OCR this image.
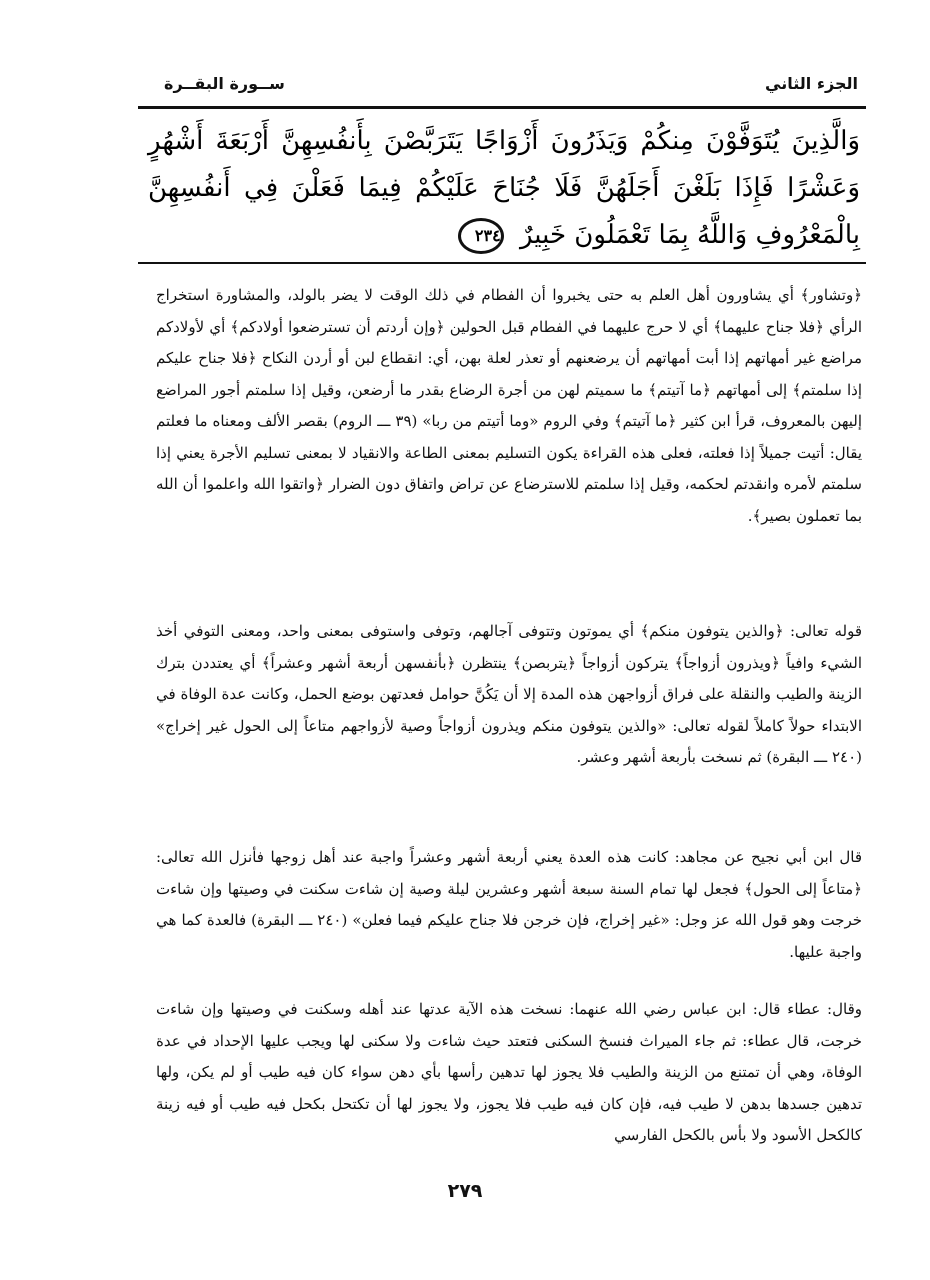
ســورة البقــرة	الجزء الثاني

وَالَّذِينَ يُتَوَفَّوْنَ مِنكُمْ وَيَذَرُونَ أَزْوَاجًا يَتَرَبَّصْنَ بِأَنفُسِهِنَّ أَرْبَعَةَ أَشْهُرٍ وَعَشْرًا فَإِذَا بَلَغْنَ أَجَلَهُنَّ فَلَا جُنَاحَ عَلَيْكُمْ فِيمَا فَعَلْنَ فِي أَنفُسِهِنَّ بِالْمَعْرُوفِ وَاللَّهُ بِمَا تَعْمَلُونَ خَبِيرٌ ٢٣٤

﴿وتشاور﴾ أي يشاورون أهل العلم به حتى يخبروا أن الفطام في ذلك الوقت لا يضر بالولد، والمشاورة استخراج الرأي ﴿فلا جناح عليهما﴾ أي لا حرج عليهما في الفطام قبل الحولين ﴿وإن أردتم أن تسترضعوا أولادكم﴾ أي لأولادكم مراضع غير أمهاتهم إذا أبت أمهاتهم أن يرضعنهم أو تعذر لعلة بهن، أي: انقطاع لبن أو أردن النكاح ﴿فلا جناح عليكم إذا سلمتم﴾ إلى أمهاتهم ﴿ما آتيتم﴾ ما سميتم لهن من أجرة الرضاع بقدر ما أرضعن، وقيل إذا سلمتم أجور المراضع إليهن بالمعروف، قرأ ابن كثير ﴿ما آتيتم﴾ وفي الروم «وما أتيتم من ربا» (٣٩ ـــ الروم) بقصر الألف ومعناه ما فعلتم يقال: أتيت جميلاً إذا فعلته، فعلى هذه القراءة يكون التسليم بمعنى الطاعة والانقياد لا بمعنى تسليم الأجرة يعني إذا سلمتم لأمره وانقدتم لحكمه، وقيل إذا سلمتم للاسترضاع عن تراض واتفاق دون الضرار ﴿واتقوا الله واعلموا أن الله بما تعملون بصير﴾.

قوله تعالى: ﴿والذين يتوفون منكم﴾ أي يموتون وتتوفى آجالهم، وتوفى واستوفى بمعنى واحد، ومعنى التوفي أخذ الشيء وافياً ﴿ويذرون أزواجاً﴾ يتركون أزواجاً ﴿يتربصن﴾ ينتظرن ﴿بأنفسهن أربعة أشهر وعشراً﴾ أي يعتددن بترك الزينة والطيب والنقلة على فراق أزواجهن هذه المدة إلا أن يَكُنَّ حوامل فعدتهن بوضع الحمل، وكانت عدة الوفاة في الابتداء حولاً كاملاً لقوله تعالى: «والذين يتوفون منكم ويذرون أزواجاً وصية لأزواجهم متاعاً إلى الحول غير إخراج» (٢٤٠ ـــ البقرة) ثم نسخت بأربعة أشهر وعشر.

قال ابن أبي نجيح عن مجاهد: كانت هذه العدة يعني أربعة أشهر وعشراً واجبة عند أهل زوجها فأنزل الله تعالى: ﴿متاعاً إلى الحول﴾ فجعل لها تمام السنة سبعة أشهر وعشرين ليلة وصية إن شاءت سكنت في وصيتها وإن شاءت خرجت وهو قول الله عز وجل: «غير إخراج، فإن خرجن فلا جناح عليكم فيما فعلن» (٢٤٠ ـــ البقرة) فالعدة كما هي واجبة عليها.

وقال: عطاء قال: ابن عباس رضي الله عنهما: نسخت هذه الآية عدتها عند أهله وسكنت في وصيتها وإن شاءت خرجت، قال عطاء: ثم جاء الميراث فنسخ السكنى فتعتد حيث شاءت ولا سكنى لها ويجب عليها الإحداد في عدة الوفاة، وهي أن تمتنع من الزينة والطيب فلا يجوز لها تدهين رأسها بأي دهن سواء كان فيه طيب أو لم يكن، ولها تدهين جسدها بدهن لا طيب فيه، فإن كان فيه طيب فلا يجوز، ولا يجوز لها أن تكتحل بكحل فيه طيب أو فيه زينة كالكحل الأسود ولا بأس بالكحل الفارسي

٢٧٩
